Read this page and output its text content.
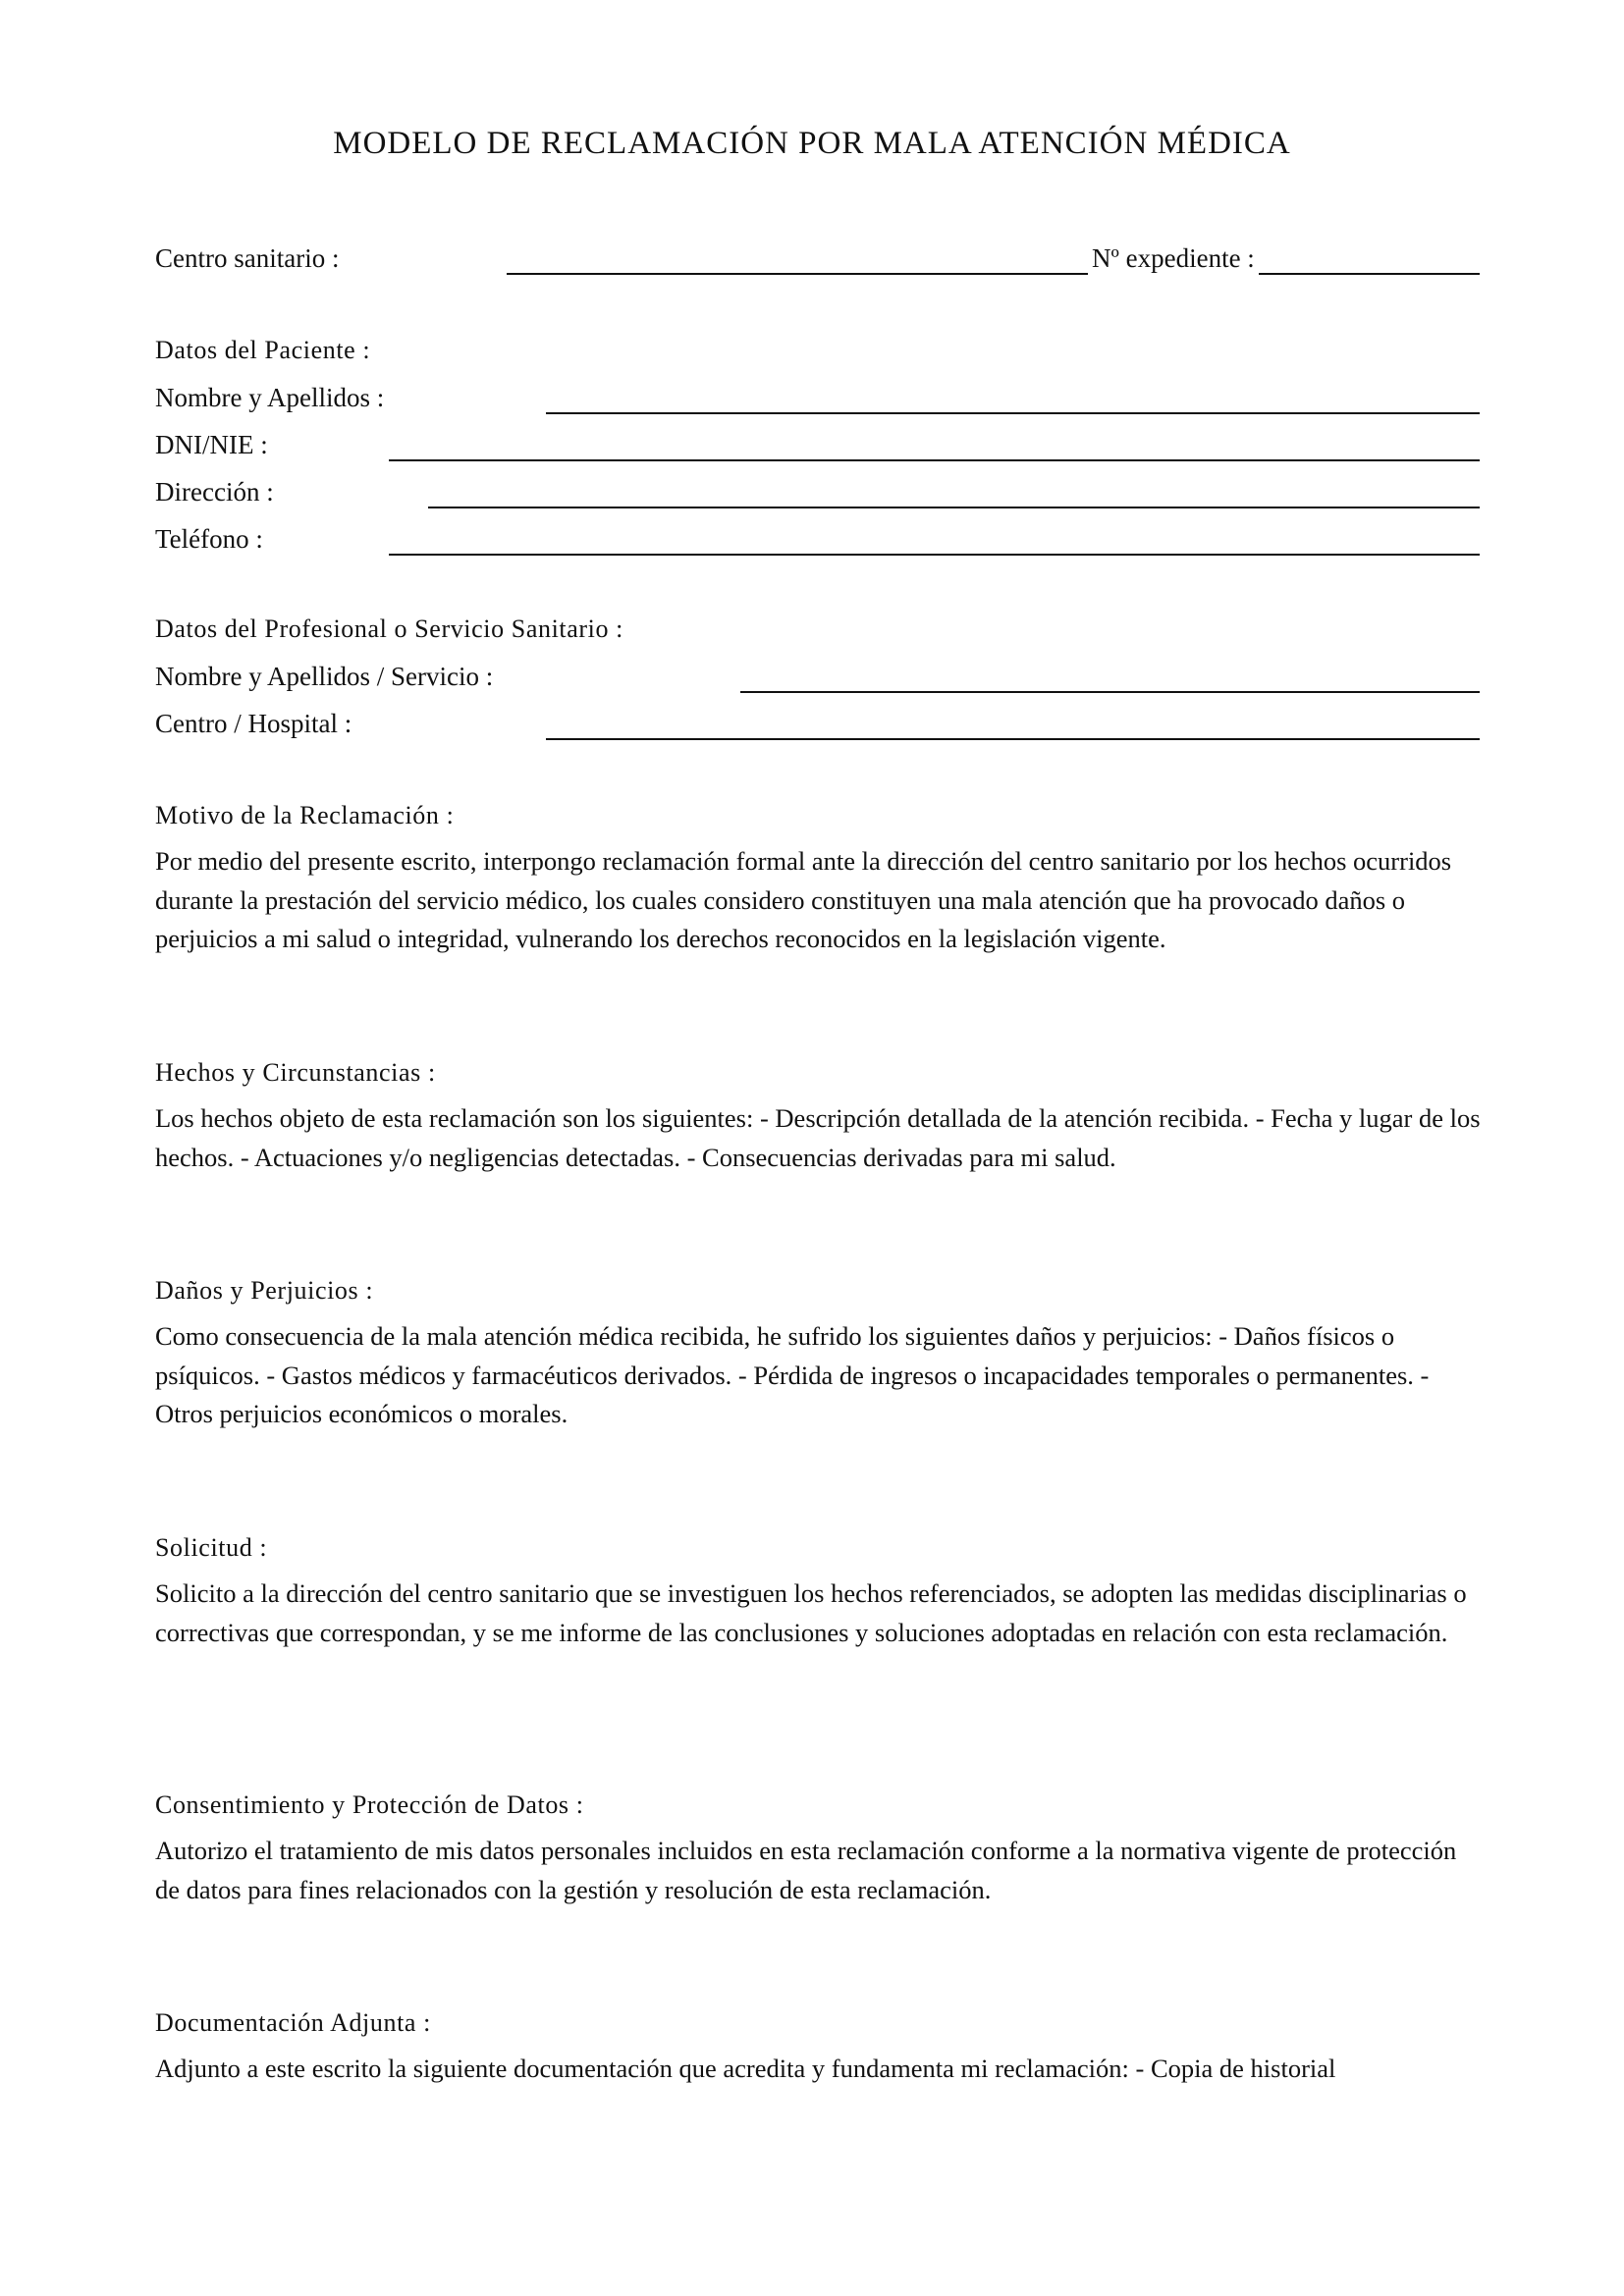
MODELO DE RECLAMACIÓN POR MALA ATENCIÓN MÉDICA
Centro sanitario :	Nº expediente :
Datos del Paciente :
Nombre y Apellidos :
DNI/NIE :
Dirección :
Teléfono :
Datos del Profesional o Servicio Sanitario :
Nombre y Apellidos / Servicio :
Centro / Hospital :
Motivo de la Reclamación :
Por medio del presente escrito, interpongo reclamación formal ante la dirección del centro sanitario por los hechos ocurridos durante la prestación del servicio médico, los cuales considero constituyen una mala atención que ha provocado daños o perjuicios a mi salud o integridad, vulnerando los derechos reconocidos en la legislación vigente.
Hechos y Circunstancias :
Los hechos objeto de esta reclamación son los siguientes: - Descripción detallada de la atención recibida. - Fecha y lugar de los hechos. - Actuaciones y/o negligencias detectadas. - Consecuencias derivadas para mi salud.
Daños y Perjuicios :
Como consecuencia de la mala atención médica recibida, he sufrido los siguientes daños y perjuicios: - Daños físicos o psíquicos. - Gastos médicos y farmacéuticos derivados. - Pérdida de ingresos o incapacidades temporales o permanentes. - Otros perjuicios económicos o morales.
Solicitud :
Solicito a la dirección del centro sanitario que se investiguen los hechos referenciados, se adopten las medidas disciplinarias o correctivas que correspondan, y se me informe de las conclusiones y soluciones adoptadas en relación con esta reclamación.
Consentimiento y Protección de Datos :
Autorizo el tratamiento de mis datos personales incluidos en esta reclamación conforme a la normativa vigente de protección de datos para fines relacionados con la gestión y resolución de esta reclamación.
Documentación Adjunta :
Adjunto a este escrito la siguiente documentación que acredita y fundamenta mi reclamación: - Copia de historial
